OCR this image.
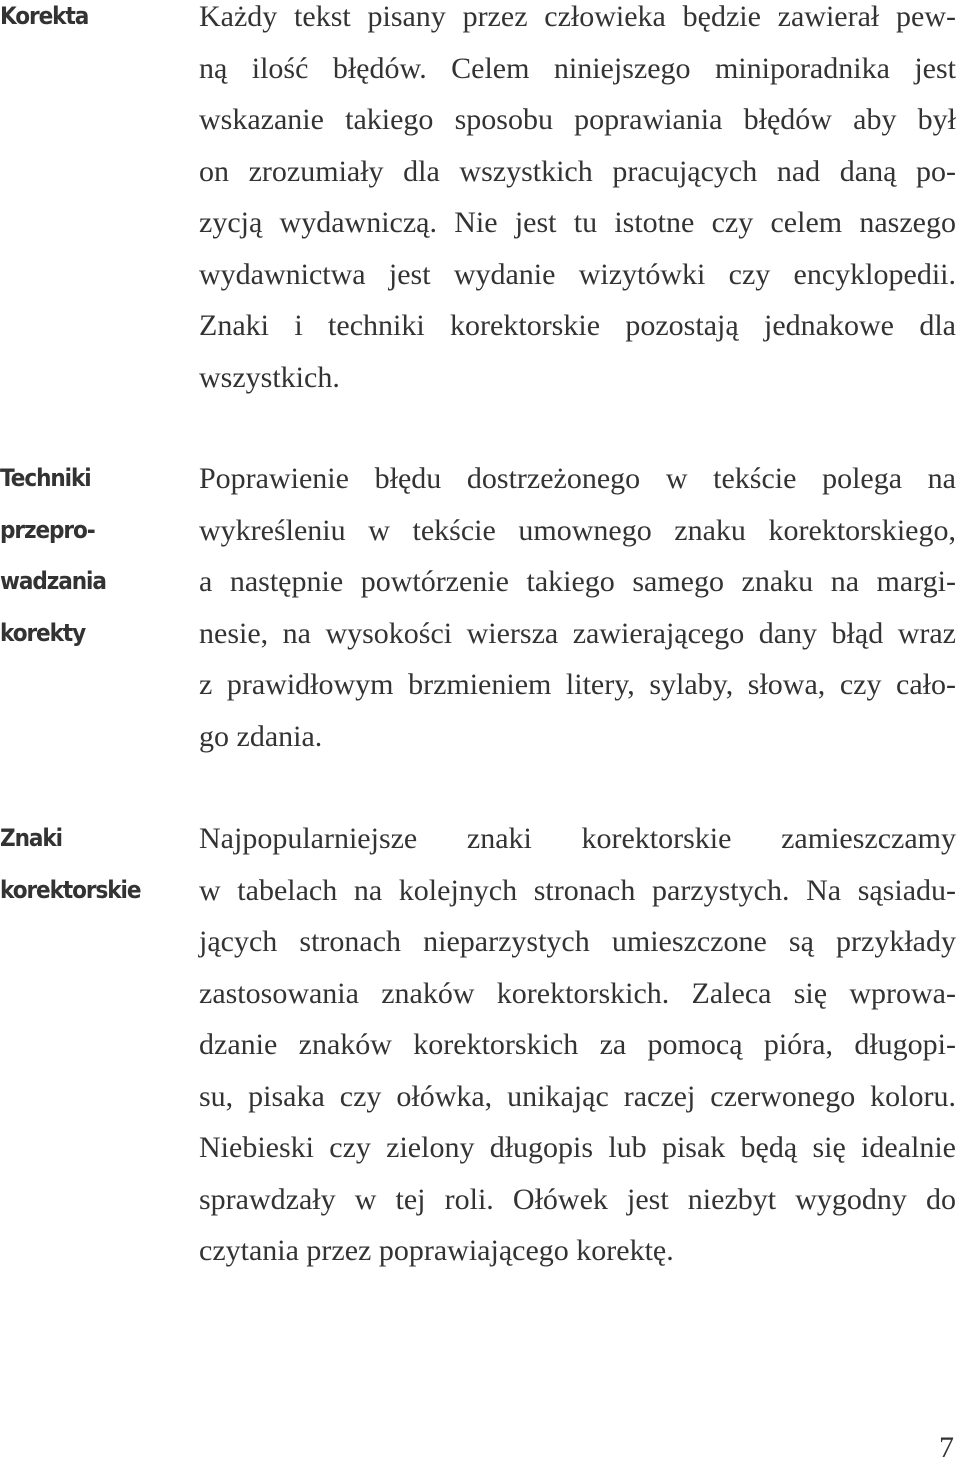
Korekta	Każdy tekst pisany przez człowieka będzie zawierał pew-
ną ilość błędów. Celem niniejszego miniporadnika jest
wskazanie takiego sposobu poprawiania błędów aby był
on zrozumiały dla wszystkich pracujących nad daną po-
zycją wydawniczą. Nie jest tu istotne czy celem naszego
wydawnictwa jest wydanie wizytówki czy encyklopedii.
Znaki i techniki korektorskie pozostają jednakowe dla
wszystkich.
Techniki
przepro-
wadzania
korekty
Poprawienie błędu dostrzeżonego w tekście polega na
wykreśleniu w tekście umownego znaku korektorskiego,
a następnie powtórzenie takiego samego znaku na margi-
nesie, na wysokości wiersza zawierającego dany błąd wraz
z prawidłowym brzmieniem litery, sylaby, słowa, czy cało-
go zdania.
Znaki
korektorskie
Najpopularniejsze znaki korektorskie zamieszczamy
w tabelach na kolejnych stronach parzystych. Na sąsiadu-
jących stronach nieparzystych umieszczone są przykłady
zastosowania znaków korektorskich. Zaleca się wprowa-
dzanie znaków korektorskich za pomocą pióra, długopi-
su, pisaka czy ołówka, unikając raczej czerwonego koloru.
Niebieski czy zielony długopis lub pisak będą się idealnie
sprawdzały w tej roli. Ołówek jest niezbyt wygodny do
czytania przez poprawiającego korektę.
7
